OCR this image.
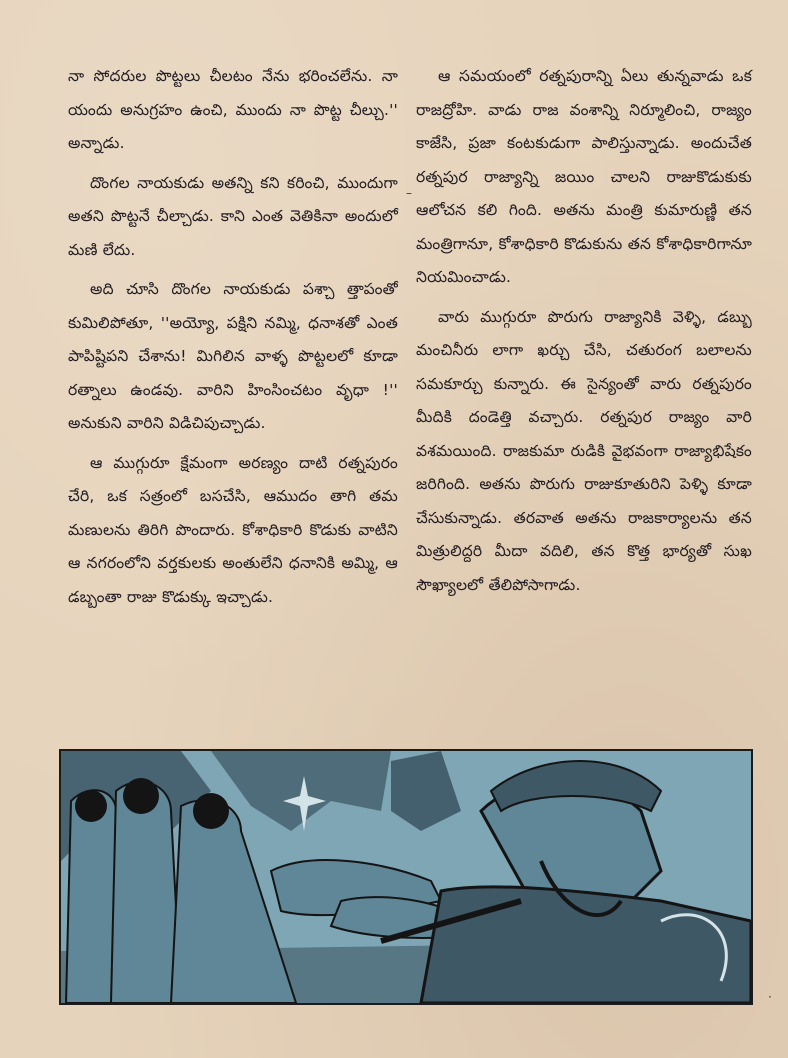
నా సోదరుల పొట్టలు చీలటం నేను భరించలేను. నా యందు అనుగ్రహం ఉంచి, ముందు నా పొట్ట చీల్చు.'' అన్నాడు.

దొంగల నాయకుడు అతన్ని కని కరించి, ముందుగా అతని పొట్టనే చీల్చాడు. కాని ఎంత వెతికినా అందులో మణి లేదు.

అది చూసి దొంగల నాయకుడు పశ్చా త్తాపంతో కుమిలిపోతూ, ''అయ్యో, పక్షిని నమ్మి, ధనాశతో ఎంత పాపిష్టిపని చేశాను! మిగిలిన వాళ్ళ పొట్టలలో కూడా రత్నాలు ఉండవు. వారిని హింసించటం వృధా !'' అనుకుని వారిని విడిచిపుచ్చాడు.

ఆ ముగ్గురూ క్షేమంగా అరణ్యం దాటి రత్నపురం చేరి, ఒక సత్రంలో బసచేసి, ఆముదం తాగి తమ మణులను తిరిగి పొందారు. కోశాధికారి కొడుకు వాటిని ఆ నగరంలోని వర్తకులకు అంతులేని ధనానికి అమ్మి, ఆ డబ్బంతా రాజు కొడుక్కు ఇచ్చాడు.

ఆ సమయంలో రత్నపురాన్ని ఏలు తున్నవాడు ఒక రాజద్రోహి. వాడు రాజ వంశాన్ని నిర్మూలించి, రాజ్యం కాజేసి, ప్రజా కంటకుడుగా పాలిస్తున్నాడు. అందుచేత రత్నపుర రాజ్యాన్ని జయిం చాలని రాజుకొడుకుకు ఆలోచన కలి గింది. అతను మంత్రి కుమారుణ్ణి తన మంత్రిగానూ, కోశాధికారి కొడుకును తన కోశాధికారిగానూ నియమించాడు.

వారు ముగ్గురూ పొరుగు రాజ్యానికి వెళ్ళి, డబ్బు మంచినీరు లాగా ఖర్చు చేసి, చతురంగ బలాలను సమకూర్చు కున్నారు. ఈ సైన్యంతో వారు రత్నపురం మీదికి దండెత్తి వచ్చారు. రత్నపుర రాజ్యం వారి వశమయింది. రాజకుమా రుడికి వైభవంగా రాజ్యాభిషేకం జరిగింది. అతను పొరుగు రాజుకూతురిని పెళ్ళి కూడా చేసుకున్నాడు. తరవాత అతను రాజకార్యాలను తన మిత్రులిద్దరి మీదా వదిలి, తన కొత్త భార్యతో సుఖ సౌఖ్యాలలో తేలిపోసాగాడు.

–
·
